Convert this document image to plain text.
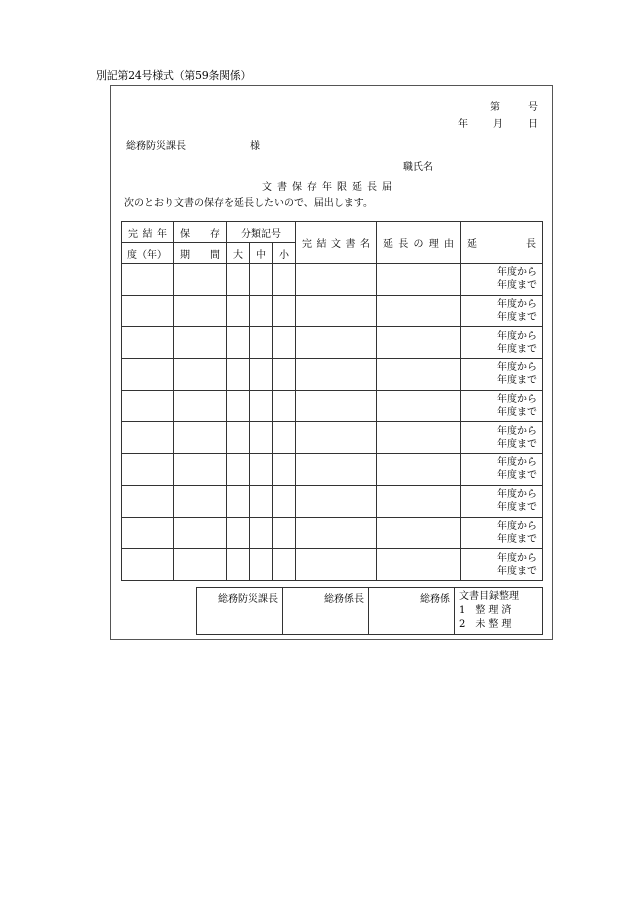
別記第24号様式（第59条関係）
第	号
年	月	日
総務防災課長	様
職氏名
文書保存年限延長届
次のとおり文書の保存を延長したいので、届出します。
完 結 年	保 存	分類記号			完 結 文 書 名	延 長 の 理 由	延 長

度（年）	期 間	大	中	小			

							年度から
年度まで

							年度から
年度まで

							年度から
年度まで

							年度から
年度まで

							年度から
年度まで

							年度から
年度まで

							年度から
年度まで

							年度から
年度まで

							年度から
年度まで

							年度から
年度まで
総務防災課長	総務係長	総務係	文書目録整理
1 整理済
2 未整理
